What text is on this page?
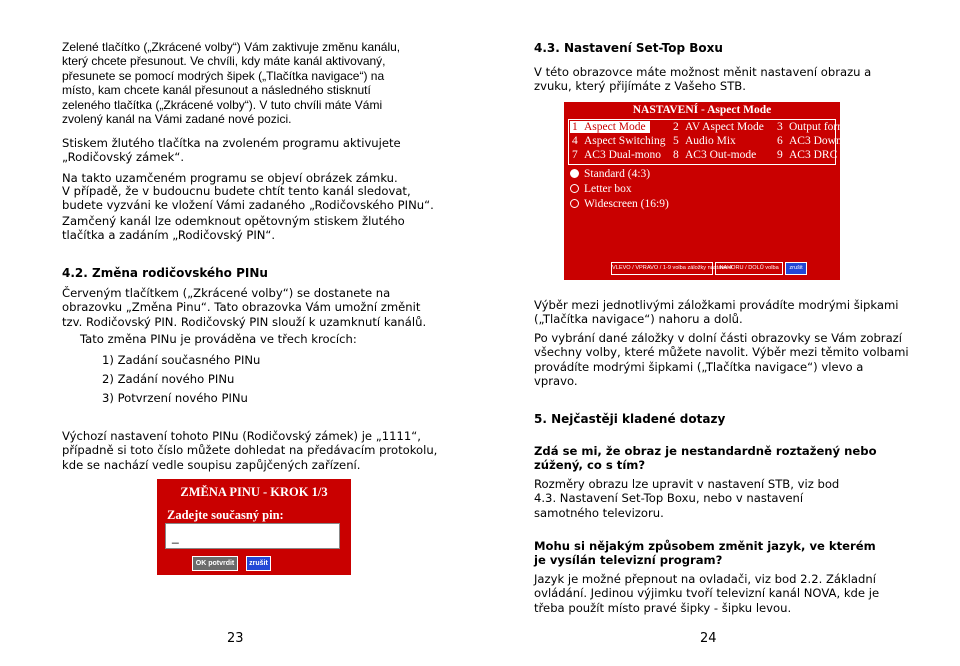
Zelené tlačítko („Zkrácené volby“) Vám zaktivuje změnu kanálu,
který chcete přesunout. Ve chvíli, kdy máte kanál aktivovaný,
přesunete se pomocí modrých šipek („Tlačítka navigace“) na
místo, kam chcete kanál přesunout a následného stisknutí
zeleného tlačítka („Zkrácené volby“). V tuto chvíli máte Vámi
zvolený kanál na Vámi zadané nové pozici.
Stiskem žlutého tlačítka na zvoleném programu aktivujete
„Rodičovský zámek“.
Na takto uzamčeném programu se objeví obrázek zámku.
V případě, že v budoucnu budete chtít tento kanál sledovat,
budete vyzváni ke vložení Vámi zadaného „Rodičovského PINu“.
Zamčený kanál lze odemknout opětovným stiskem žlutého
tlačítka a zadáním „Rodičovský PIN“.
4.2. Změna rodičovského PINu
Červeným tlačítkem („Zkrácené volby“) se dostanete na
obrazovku „Změna Pinu“. Tato obrazovka Vám umožní změnit
tzv. Rodičovský PIN. Rodičovský PIN slouží k uzamknutí kanálů.
Tato změna PINu je prováděna ve třech krocích:
1) Zadání současného PINu
2) Zadání nového PINu
3) Potvrzení nového PINu
Výchozí nastavení tohoto PINu (Rodičovský zámek) je „1111“,
případně si toto číslo můžete dohledat na předávacím protokolu,
kde se nachází vedle soupisu zapůjčených zařízení.
ZMĚNA PINU - KROK 1/3
Zadejte současný pin:
_
OK potvrdit	zrušit
23
4.3. Nastavení Set-Top Boxu
V této obrazovce máte možnost měnit nastavení obrazu a
zvuku, který přijímáte z Vašeho STB.
NASTAVENÍ - Aspect Mode
1 Aspect Mode	2 AV Aspect Mode 3 Output format
4 Aspect Switching 5 Audio Mix	6 AC3 Down-mix
7 AC3 Dual-mono 8 AC3 Out-mode 9 AC3 DRC
Standard (4:3)
Letter box
Widescreen (16:9)
VLEVO / VPRAVO / 1-9 volba záložky nastavení
NAHORU / DOLŮ volba	zrušit
Výběr mezi jednotlivými záložkami provádíte modrými šipkami
(„Tlačítka navigace“) nahoru a dolů.
Po vybrání dané záložky v dolní části obrazovky se Vám zobrazí
všechny volby, které můžete navolit. Výběr mezi těmito volbami
provádíte modrými šipkami („Tlačítka navigace“) vlevo a
vpravo.
5. Nejčastěji kladené dotazy
Zdá se mi, že obraz je nestandardně roztažený nebo
zúžený, co s tím?
Rozměry obrazu lze upravit v nastavení STB, viz bod
4.3. Nastavení Set-Top Boxu, nebo v nastavení
samotného televizoru.
Mohu si nějakým způsobem změnit jazyk, ve kterém
je vysílán televizní program?
Jazyk je možné přepnout na ovladači, viz bod 2.2. Základní
ovládání. Jedinou výjimku tvoří televizní kanál NOVA, kde je
třeba použít místo pravé šipky - šipku levou.
24
